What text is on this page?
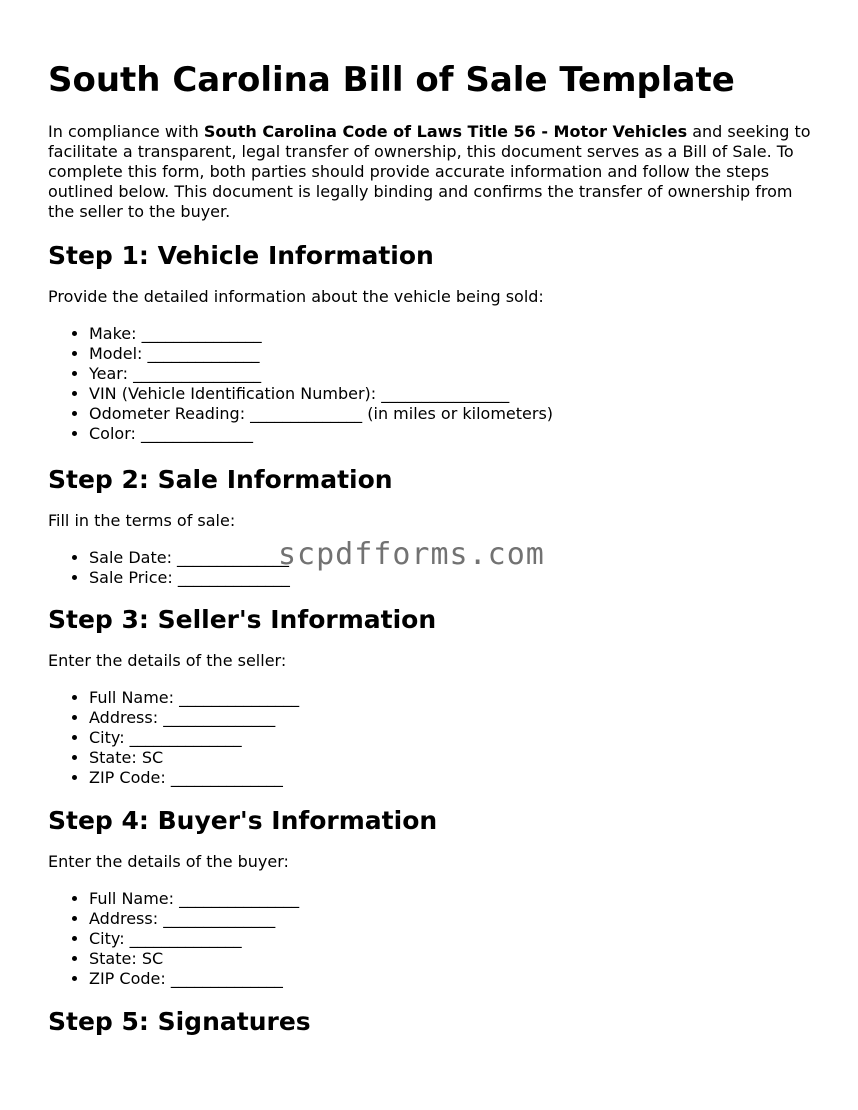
South Carolina Bill of Sale Template

In compliance with South Carolina Code of Laws Title 56 - Motor Vehicles and seeking to facilitate a transparent, legal transfer of ownership, this document serves as a Bill of Sale. To complete this form, both parties should provide accurate information and follow the steps outlined below. This document is legally binding and confirms the transfer of ownership from the seller to the buyer.

Step 1: Vehicle Information

Provide the detailed information about the vehicle being sold:

• Make: _______________
• Model: ______________
• Year: ________________
• VIN (Vehicle Identification Number): ________________
• Odometer Reading: ______________ (in miles or kilometers)
• Color: ______________
Step 2: Sale Information

Fill in the terms of sale:

• Sale Date: ______________
• Sale Price: ______________
Step 3: Seller's Information

Enter the details of the seller:

• Full Name: _______________
• Address: ______________
• City: ______________
• State: SC
• ZIP Code: ______________
Step 4: Buyer's Information

Enter the details of the buyer:

• Full Name: _______________
• Address: ______________
• City: ______________
• State: SC
• ZIP Code: ______________
Step 5: Signatures
scpdfforms.com
